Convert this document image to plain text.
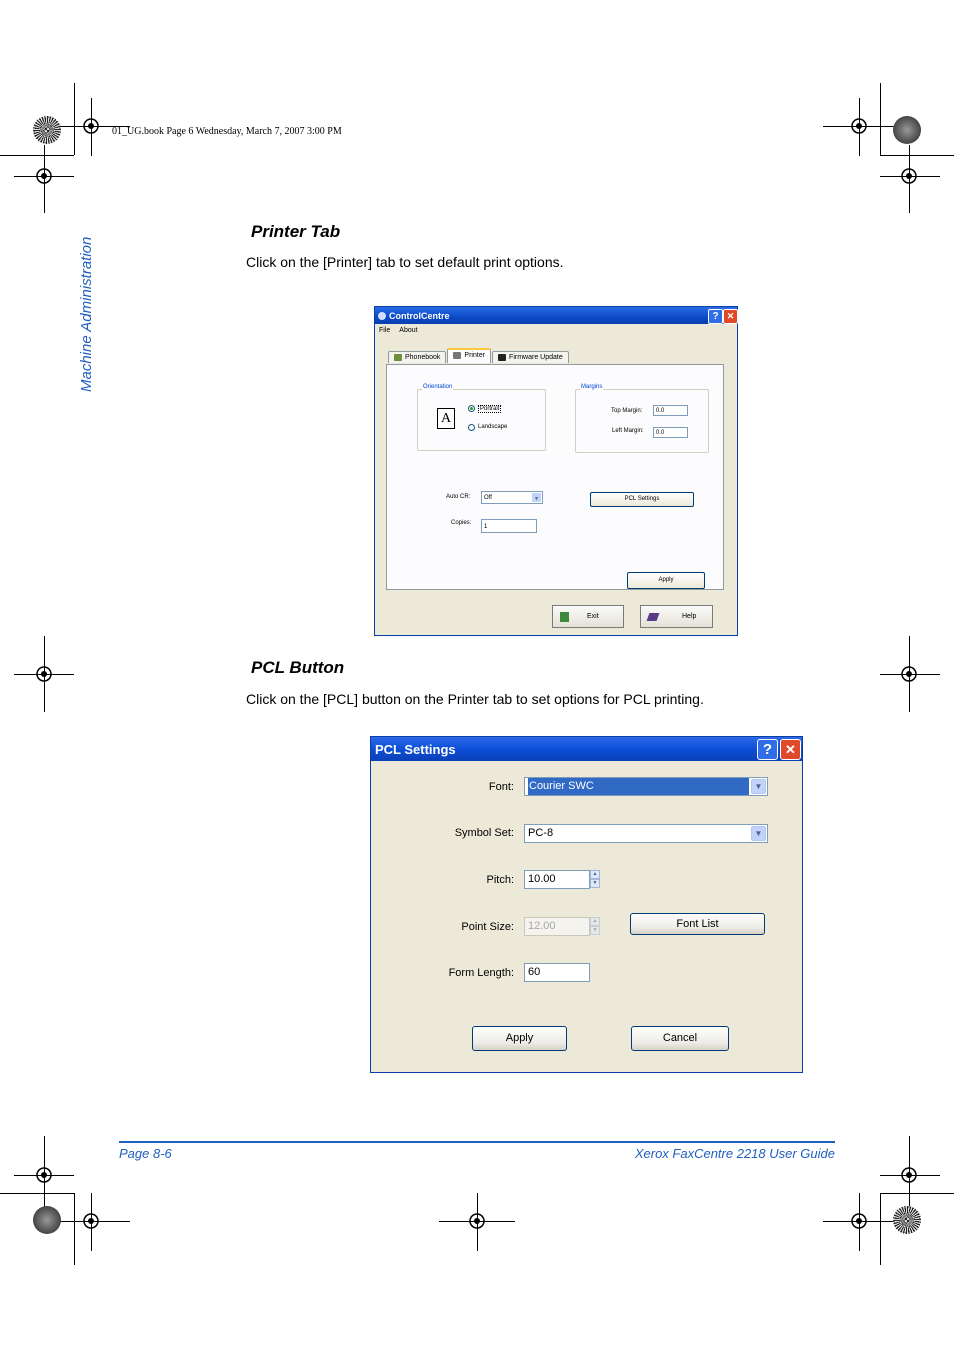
01_UG.book Page 6 Wednesday, March 7, 2007 3:00 PM
Machine Administration
Printer Tab

Click on the [Printer] tab to set default print options.

ControlCentre	? ✕
File About
Phonebook	Printer	Firmware Update
Orientation
A
Portrait
Landscape
Margins
Top Margin:	0.0
Left Margin:	0.0
Auto CR:	Off	▼	PCL Settings
Copies:
1
Apply
Exit	Help
PCL Button

Click on the [PCL] button on the Printer tab to set options for PCL printing.

PCL Settings	? ✕
Font: Courier SWC	▼
Symbol Set:	PC-8	▼
Pitch:	10.00	▲
▼
Point Size:	12.00	▲
▼	Font List
Form Length:	60
Apply	Cancel
Page 8-6	Xerox FaxCentre 2218 User Guide
